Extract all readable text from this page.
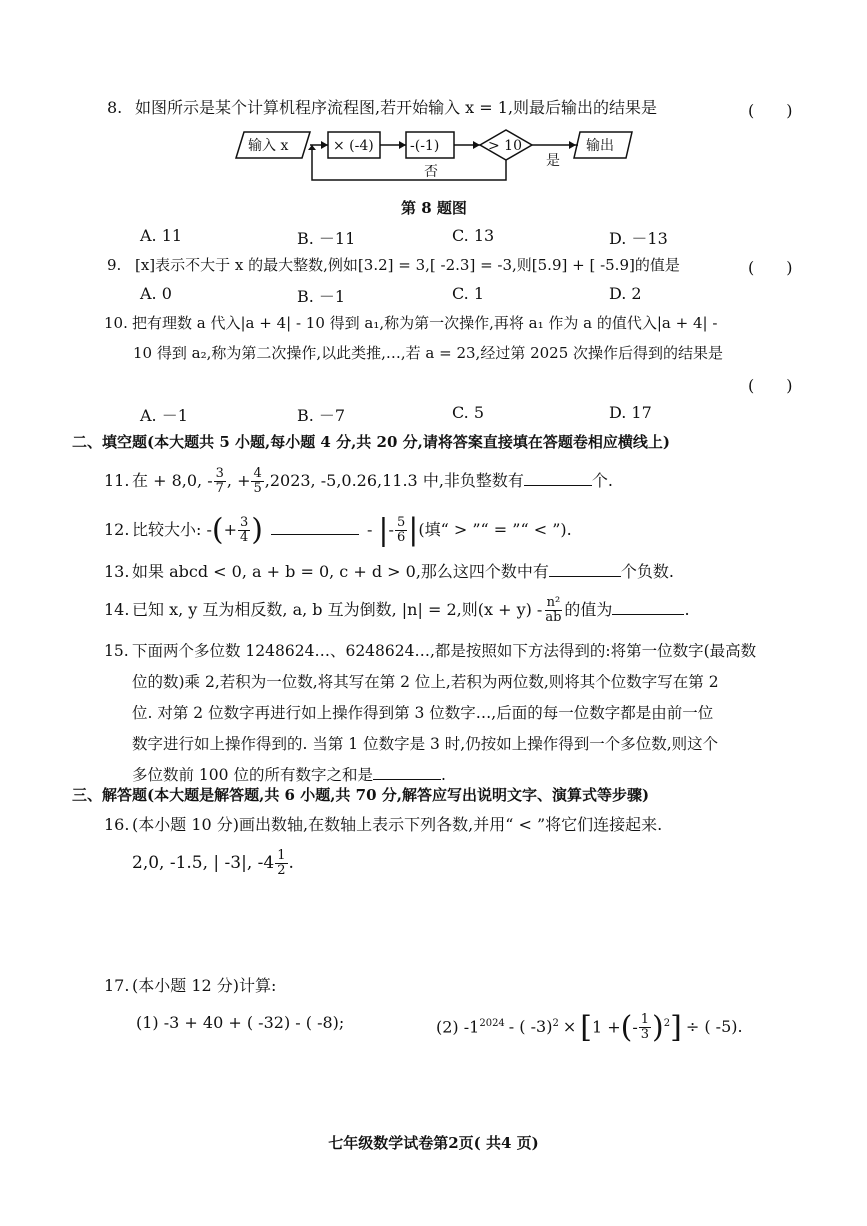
8. 如图所示是某个计算机程序流程图,若开始输入 x = 1,则最后输出的结果是	(　　)
输入 x	× (-4)	-(-1)	> 10	输出
否
是
第 8 题图
A. 11	B. －11	C. 13	D. －13
9. [x]表示不大于 x 的最大整数,例如[3.2] = 3,[ -2.3] = -3,则[5.9] + [ -5.9]的值是	(　　)
A. 0	B. －1	C. 1	D. 2
10. 把有理数 a 代入|a + 4| - 10 得到 a₁,称为第一次操作,再将 a₁ 作为 a 的值代入|a + 4| -
10 得到 a₂,称为第二次操作,以此类推,…,若 a = 23,经过第 2025 次操作后得到的结果是
(　　)
A. －1	B. －7	C. 5	D. 17
二、填空题(本大题共 5 小题,每小题 4 分,共 20 分,请将答案直接填在答题卷相应横线上)
11. 在 + 8,0, - $\frac{3}{7}$ , + $\frac{4}{5} ,2023$, -5,0.26,11.3 中,非负整数有	个.
12. 比较大小: -(+ $\frac{3}{4}$ )	- |- $\frac{5}{6}$ |(填“ > ”“ = ”“ < ”).
13. 如果 abcd < 0, a + b = 0, c + d > 0,那么这四个数中有	个负数.
14. 已知 x, y 互为相反数, a, b 互为倒数, |n| = 2,则$(x + y) - \frac{\text{n²}}{ab}$ 的值为	.
15. 下面两个多位数 1248624…、6248624…,都是按照如下方法得到的:将第一位数字(最高数
位的数)乘 2,若积为一位数,将其写在第 2 位上,若积为两位数,则将其个位数字写在第 2
位. 对第 2 位数字再进行如上操作得到第 3 位数字…,后面的每一位数字都是由前一位
数字进行如上操作得到的. 当第 1 位数字是 3 时,仍按如上操作得到一个多位数,则这个
多位数前 100 位的所有数字之和是	.
三、解答题(本大题是解答题,共 6 小题,共 70 分,解答应写出说明文字、演算式等步骤)
16. (本小题 10 分)画出数轴,在数轴上表示下列各数,并用“ < ”将它们连接起来.
2,0, -1.5, | -3|, $-4 \frac{1}{2}$ .
17. (本小题 12 分)计算:
(1) -3 + 40 + ( -32) - ( -8);	(2) $-1^{2024}$ - ( -3)$^2$ × [1 +(- $\frac{1}{3} )^2$] ÷ ( -5).
七年级数学试卷第2页( 共4 页)
